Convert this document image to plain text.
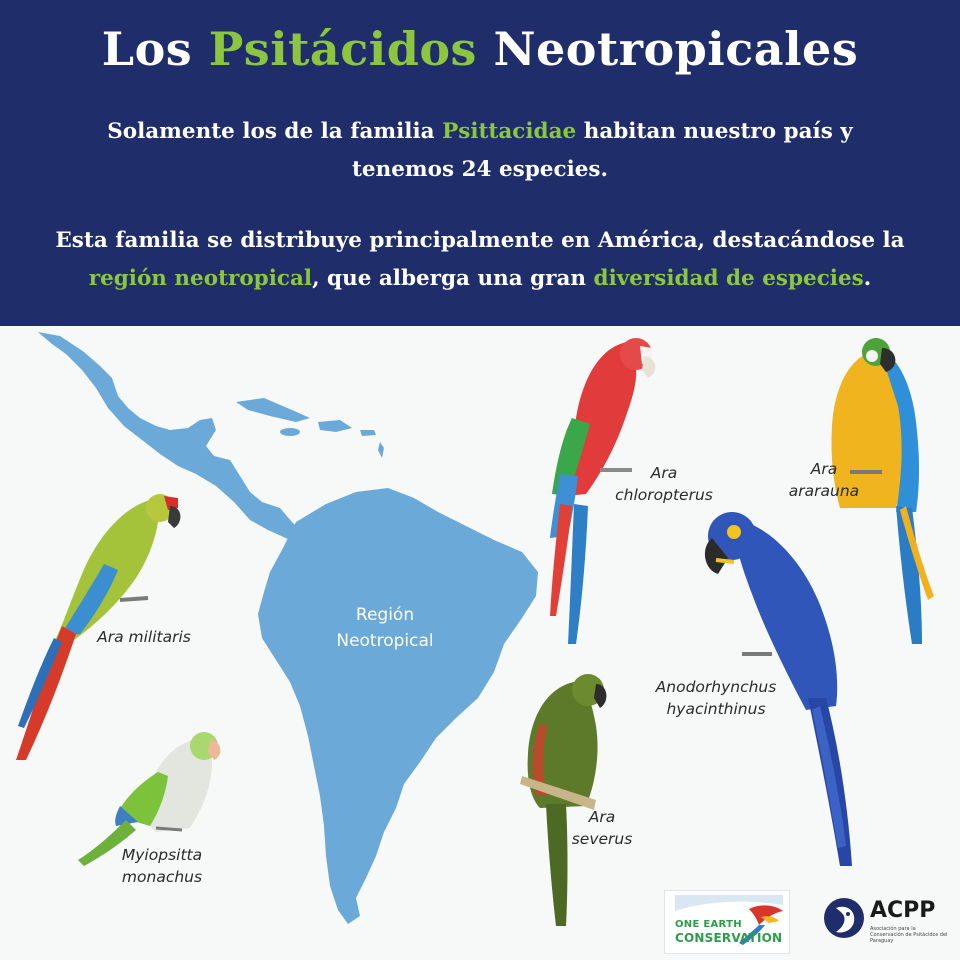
Los Psitácidos Neotropicales
Solamente los de la familia Psittacidae habitan nuestro país y
tenemos 24 especies.
Esta familia se distribuye principalmente en América, destacándose la
región neotropical, que alberga una gran diversidad de especies.
Región
Neotropical
Ara militaris
Ara
chloropterus
Ara
ararauna
Anodorhynchus
hyacinthinus
Ara
severus
Myiopsitta
monachus
ONE EARTH
CONSERVATION
ACPP
Asociación para la Conservación de Psitácidos del Paraguay
